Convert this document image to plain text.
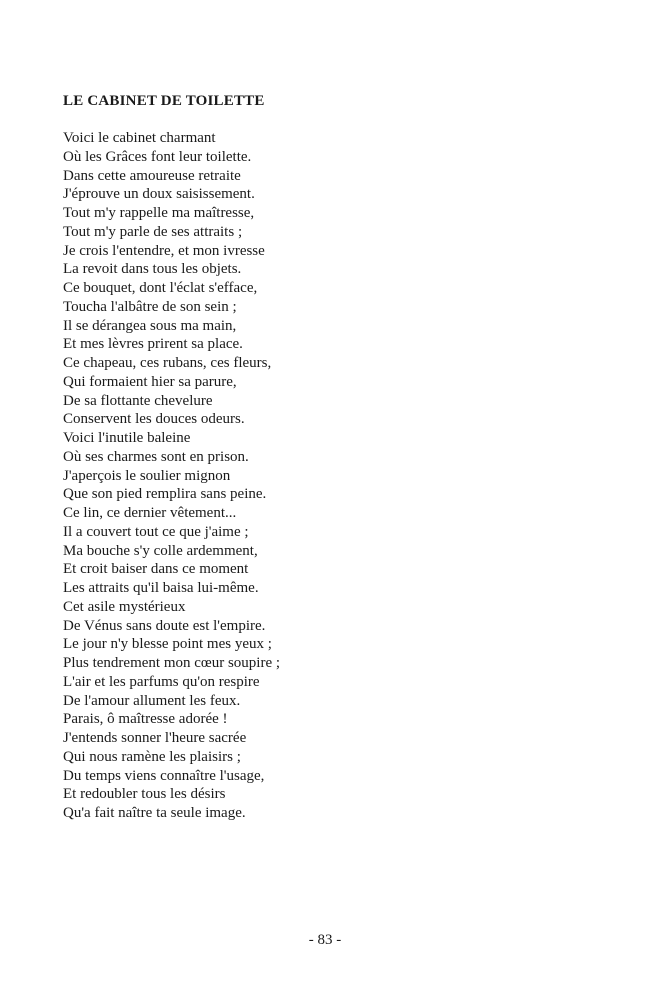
LE CABINET DE TOILETTE
Voici le cabinet charmant
Où les Grâces font leur toilette.
Dans cette amoureuse retraite
J'éprouve un doux saisissement.
Tout m'y rappelle ma maîtresse,
Tout m'y parle de ses attraits ;
Je crois l'entendre, et mon ivresse
La revoit dans tous les objets.
Ce bouquet, dont l'éclat s'efface,
Toucha l'albâtre de son sein ;
Il se dérangea sous ma main,
Et mes lèvres prirent sa place.
Ce chapeau, ces rubans, ces fleurs,
Qui formaient hier sa parure,
De sa flottante chevelure
Conservent les douces odeurs.
Voici l'inutile baleine
Où ses charmes sont en prison.
J'aperçois le soulier mignon
Que son pied remplira sans peine.
Ce lin, ce dernier vêtement...
Il a couvert tout ce que j'aime ;
Ma bouche s'y colle ardemment,
Et croit baiser dans ce moment
Les attraits qu'il baisa lui-même.
Cet asile mystérieux
De Vénus sans doute est l'empire.
Le jour n'y blesse point mes yeux ;
Plus tendrement mon cœur soupire ;
L'air et les parfums qu'on respire
De l'amour allument les feux.
Parais, ô maîtresse adorée !
J'entends sonner l'heure sacrée
Qui nous ramène les plaisirs ;
Du temps viens connaître l'usage,
Et redoubler tous les désirs
Qu'a fait naître ta seule image.
- 83 -
